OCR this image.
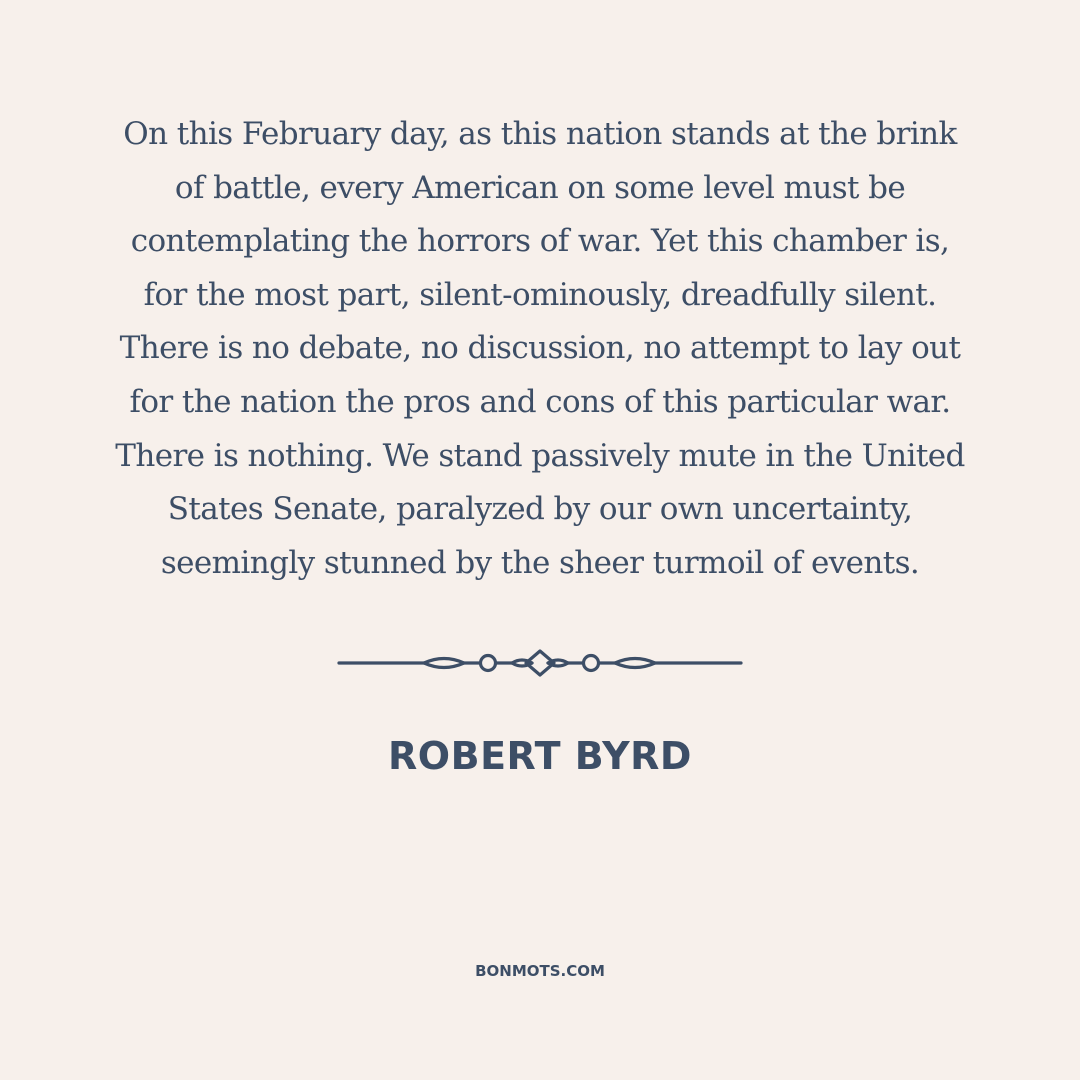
On this February day, as this nation stands at the brink
of battle, every American on some level must be
contemplating the horrors of war. Yet this chamber is,
for the most part, silent-ominously, dreadfully silent.
There is no debate, no discussion, no attempt to lay out
for the nation the pros and cons of this particular war.
There is nothing. We stand passively mute in the United
States Senate, paralyzed by our own uncertainty,
seemingly stunned by the sheer turmoil of events.

ROBERT BYRD
BONMOTS.COM
